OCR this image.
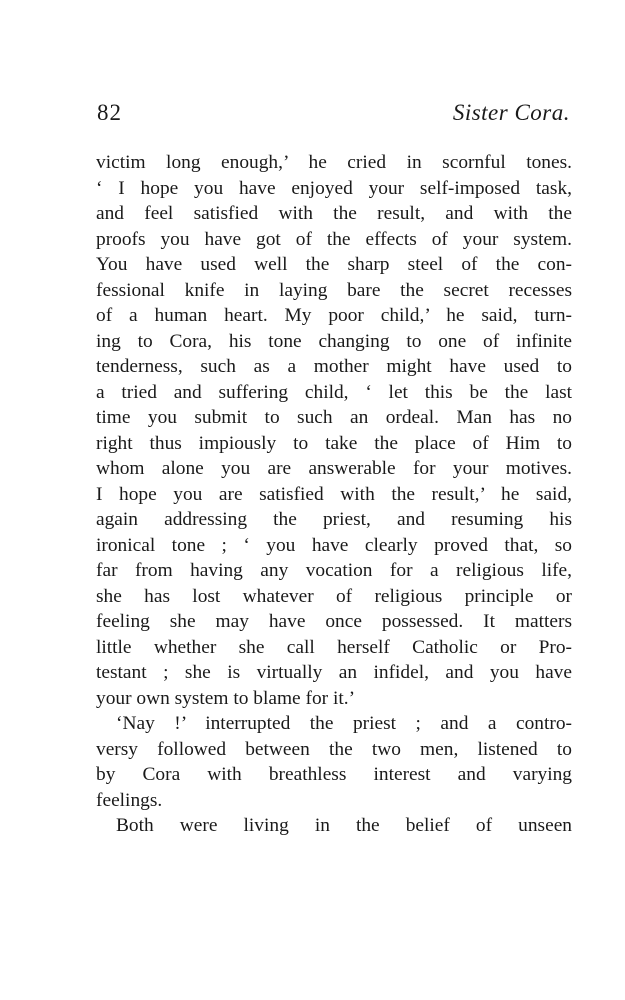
82	Sister Cora.
victim long enough,’ he cried in scornful tones.
‘ I hope you have enjoyed your self-imposed task,
and feel satisfied with the result, and with the
proofs you have got of the effects of your system.
You have used well the sharp steel of the con-
fessional knife in laying bare the secret recesses
of a human heart. My poor child,’ he said, turn-
ing to Cora, his tone changing to one of infinite
tenderness, such as a mother might have used to
a tried and suffering child, ‘ let this be the last
time you submit to such an ordeal. Man has no
right thus impiously to take the place of Him to
whom alone you are answerable for your motives.
I hope you are satisfied with the result,’ he said,
again addressing the priest, and resuming his
ironical tone ; ‘ you have clearly proved that, so
far from having any vocation for a religious life,
she has lost whatever of religious principle or
feeling she may have once possessed. It matters
little whether she call herself Catholic or Pro-
testant ; she is virtually an infidel, and you have
your own system to blame for it.’
‘Nay !’ interrupted the priest ; and a contro-
versy followed between the two men, listened to
by Cora with breathless interest and varying
feelings.
Both were living in the belief of unseen
